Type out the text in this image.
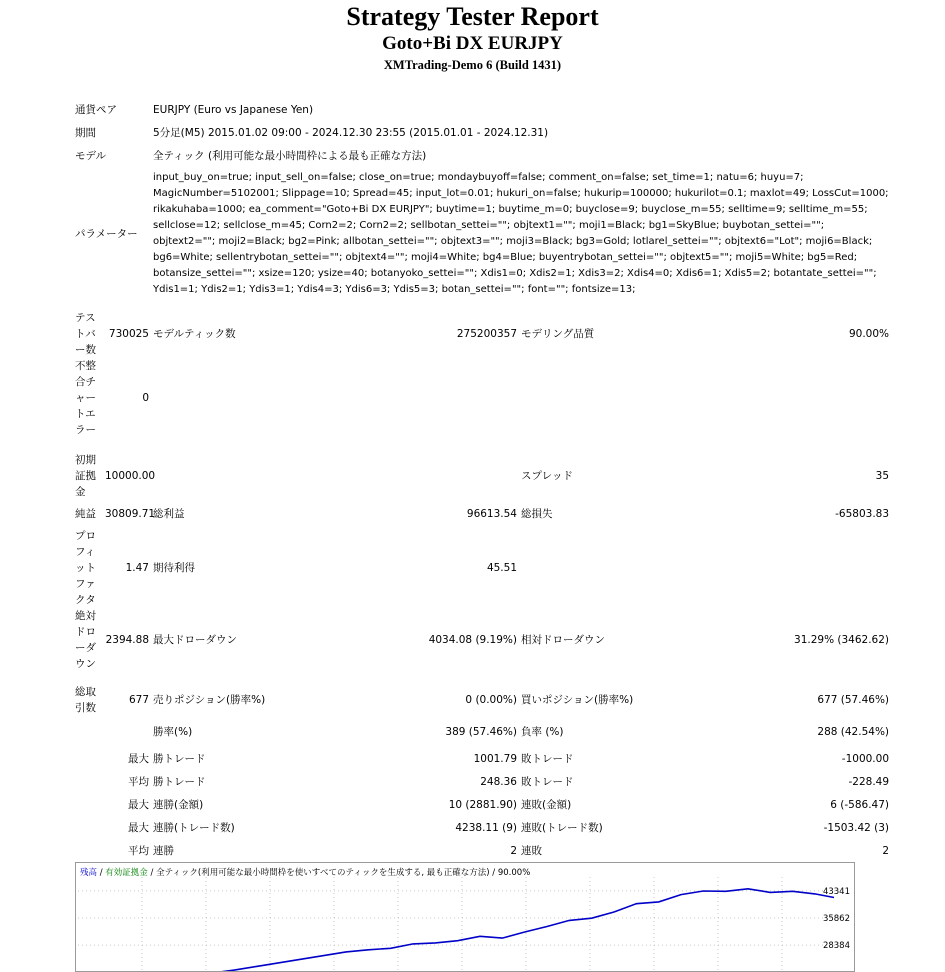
Strategy Tester Report
Goto+Bi DX EURJPY
XMTrading-Demo 6 (Build 1431)
通貨ペア		EURJPY (Euro vs Japanese Yen)			
期間		5分足(M5) 2015.01.02 09:00 - 2024.12.30 23:55 (2015.01.01 - 2024.12.31)			
モデル		全ティック (利用可能な最小時間枠による最も正確な方法)			
パラメーター		input_buy_on=true; input_sell_on=false; close_on=true; mondaybuyoff=false; comment_on=false; set_time=1; natu=6; huyu=7; MagicNumber=5102001; Slippage=10; Spread=45; input_lot=0.01; hukuri_on=false; hukurip=100000; hukurilot=0.1; maxlot=49; LossCut=1000; rikakuhaba=1000; ea_comment="Goto+Bi DX EURJPY"; buytime=1; buytime_m=0; buyclose=9; buyclose_m=55; selltime=9; selltime_m=55; sellclose=12; sellclose_m=45; Corn2=2; Corn2=2; sellbotan_settei=""; objtext1=""; moji1=Black; bg1=SkyBlue; buybotan_settei=""; objtext2=""; moji2=Black; bg2=Pink; allbotan_settei=""; objtext3=""; moji3=Black; bg3=Gold; lotlarel_settei=""; objtext6="Lot"; moji6=Black; bg6=White; sellentrybotan_settei=""; objtext4=""; moji4=White; bg4=Blue; buyentrybotan_settei=""; objtext5=""; moji5=White; bg5=Red; botansize_settei=""; xsize=120; ysize=40; botanyoko_settei=""; Xdis1=0; Xdis2=1; Xdis3=2; Xdis4=0; Xdis6=1; Xdis5=2; botantate_settei=""; Ydis1=1; Ydis2=1; Ydis3=1; Ydis4=3; Ydis6=3; Ydis5=3; botan_settei=""; font=""; fontsize=13;			

テストバー数	730025	モデルティック数	275200357	モデリング品質	90.00%
不整合チャートエラー	0				

初期証拠金	10000.00			スプレッド	35
純益	30809.71	総利益	96613.54	総損失	-65803.83
プロフィットファクタ	1.47	期待利得	45.51		
絶対ドローダウン	2394.88	最大ドローダウン	4034.08 (9.19%)	相対ドローダウン	31.29% (3462.62)

総取引数	677	売りポジション(勝率%)	0 (0.00%)	買いポジション(勝率%)	677 (57.46%)
		勝率(%)	389 (57.46%)	負率 (%)	288 (42.54%)
	最大	勝トレード	1001.79	敗トレード	-1000.00
	平均	勝トレード	248.36	敗トレード	-228.49
	最大	連勝(金額)	10 (2881.90)	連敗(金額)	6 (-586.47)
	最大	連勝(トレード数)	4238.11 (9)	連敗(トレード数)	-1503.42 (3)
	平均	連勝	2	連敗	2
残高 / 有効証拠金 / 全ティック(利用可能な最小時間枠を使いすべてのティックを生成する, 最も正確な方法) / 90.00%
43341
35862
28384
